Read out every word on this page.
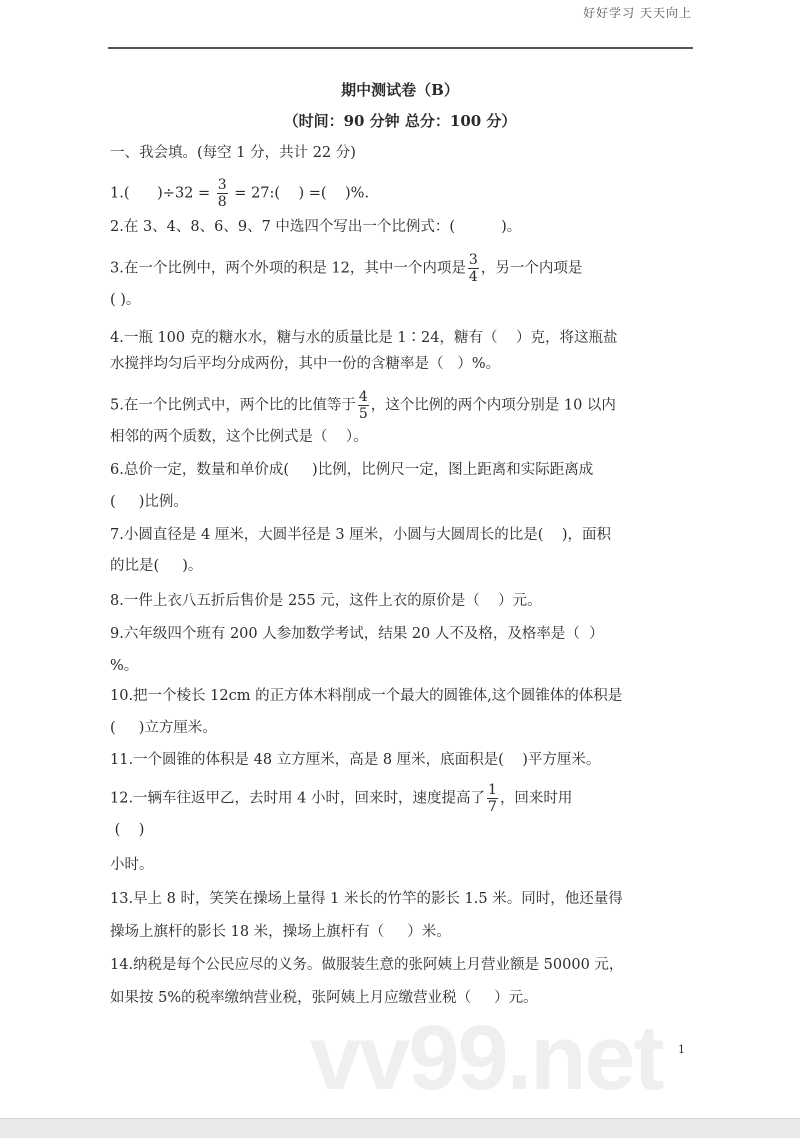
好好学习 天天向上
期中测试卷（B）
（时间：90 分钟 总分：100 分）
一、我会填。(每空 1 分，共计 22 分)
1.(      )$\div 32 = \frac{3}{8}$ = 27:(    ) =(    )%.
2.在 3、4、8、6、9、7 中选四个写出一个比例式：(          )。
3.在一个比例中，两个外项的积是 12，其中一个内项是 $\frac{3}{4}$ ，另一个内项是
( )。
4.一瓶 100 克的糖水水，糖与水的质量比是 1∶24，糖有（    ）克，将这瓶盐
水搅拌均匀后平均分成两份，其中一份的含糖率是（   ）%。
5.在一个比例式中，两个比的比值等于 $\frac{4}{5}$ ，这个比例的两个内项分别是 10 以内
相邻的两个质数，这个比例式是（    ）。
6.总价一定，数量和单价成(     )比例，比例尺一定，图上距离和实际距离成
(     )比例。
7.小圆直径是 4 厘米，大圆半径是 3 厘米，小圆与大圆周长的比是(    )，面积
的比是(     )。
8.一件上衣八五折后售价是 255 元，这件上衣的原价是（    ）元。
9.六年级四个班有 200 人参加数学考试，结果 20 人不及格，及格率是（  ）
%。
10.把一个棱长 12cm 的正方体木料削成一个最大的圆锥体,这个圆锥体的体积是
(     )立方厘米。
11.一个圆锥的体积是 48 立方厘米，高是 8 厘米，底面积是(    )平方厘米。
12.一辆车往返甲乙，去时用 4 小时，回来时，速度提高了 $\frac{1}{7}$ ，回来时用
(    )
小时。
13.早上 8 时，笑笑在操场上量得 1 米长的竹竿的影长 1.5 米。同时，他还量得
操场上旗杆的影长 18 米，操场上旗杆有（     ）米。
14.纳税是每个公民应尽的义务。做服装生意的张阿姨上月营业额是 50000 元，
如果按 5%的税率缴纳营业税，张阿姨上月应缴营业税（     ）元。
vv99.net 1
